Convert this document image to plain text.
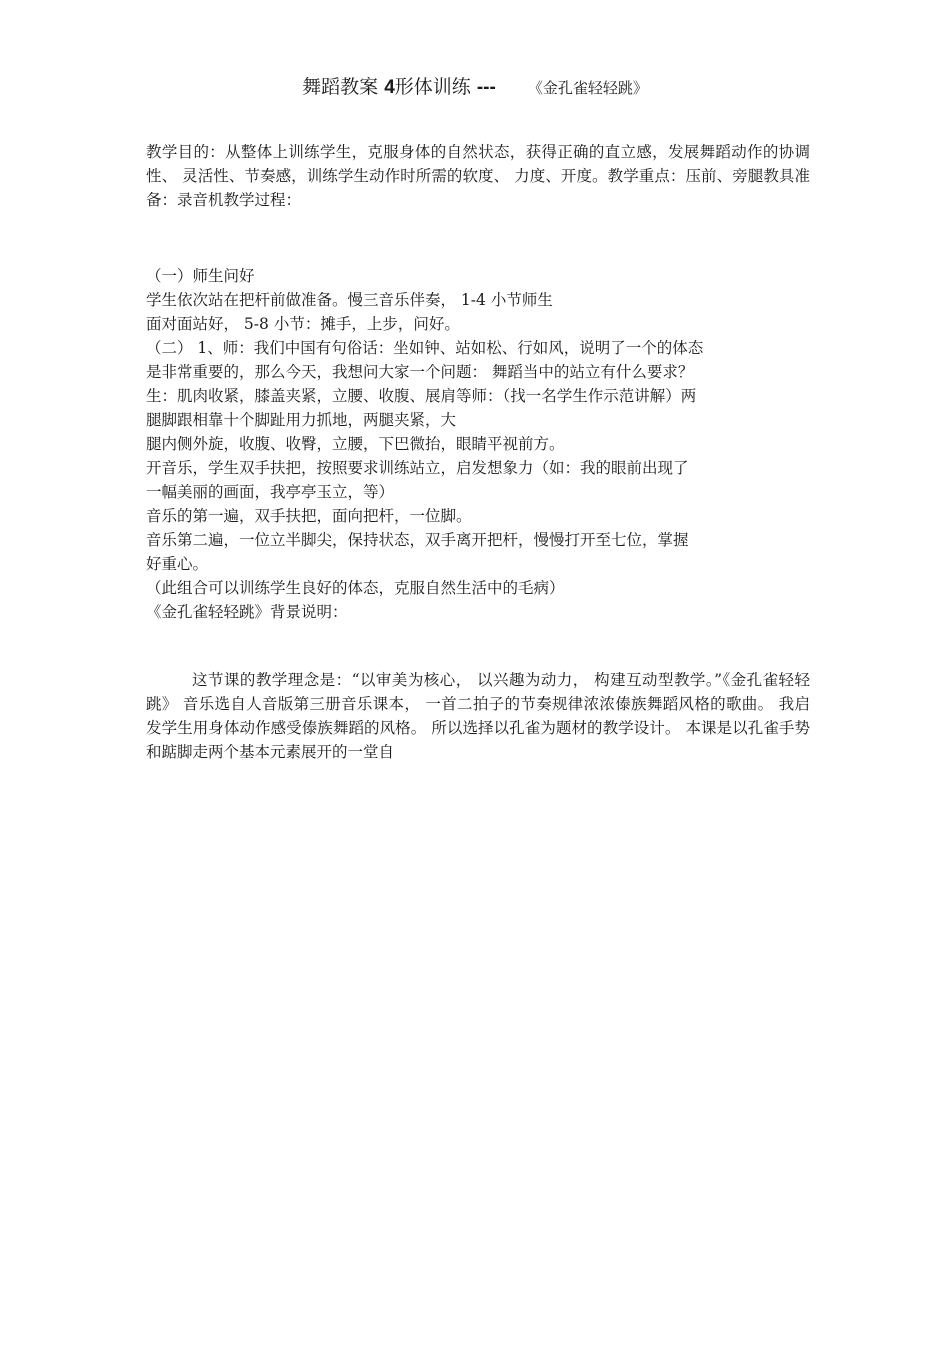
舞蹈教案 4形体训练 --- 《金孔雀轻轻跳》
教学目的：从整体上训练学生，克服身体的自然状态，获得正确的直立感，发展舞蹈动作的协调性、 灵活性、节奏感，训练学生动作时所需的软度、 力度、开度。教学重点：压前、旁腿教具准备：录音机教学过程：
（一）师生问好
学生依次站在把杆前做准备。慢三音乐伴奏， 1-4 小节师生
面对面站好， 5-8 小节：摊手，上步，问好。
（二） 1、师：我们中国有句俗话：坐如钟、站如松、行如风，说明了一个的体态
是非常重要的，那么今天，我想问大家一个问题： 舞蹈当中的站立有什么要求？
生：肌肉收紧，膝盖夹紧，立腰、收腹、展肩等师：（找一名学生作示范讲解）两
腿脚跟相靠十个脚趾用力抓地，两腿夹紧，大
腿内侧外旋，收腹、收臀，立腰，下巴微抬，眼睛平视前方。
开音乐，学生双手扶把，按照要求训练站立，启发想象力（如：我的眼前出现了
一幅美丽的画面，我亭亭玉立，等）
音乐的第一遍，双手扶把，面向把杆，一位脚。
音乐第二遍，一位立半脚尖，保持状态，双手离开把杆，慢慢打开至七位，掌握
好重心。
（此组合可以训练学生良好的体态，克服自然生活中的毛病）
《金孔雀轻轻跳》背景说明：
这节课的教学理念是：“以审美为核心， 以兴趣为动力， 构建互动型教学。”《金孔雀轻轻跳》 音乐选自人音版第三册音乐课本， 一首二拍子的节奏规律浓浓傣族舞蹈风格的歌曲。 我启发学生用身体动作感受傣族舞蹈的风格。 所以选择以孔雀为题材的教学设计。 本课是以孔雀手势和踮脚走两个基本元素展开的一堂自
